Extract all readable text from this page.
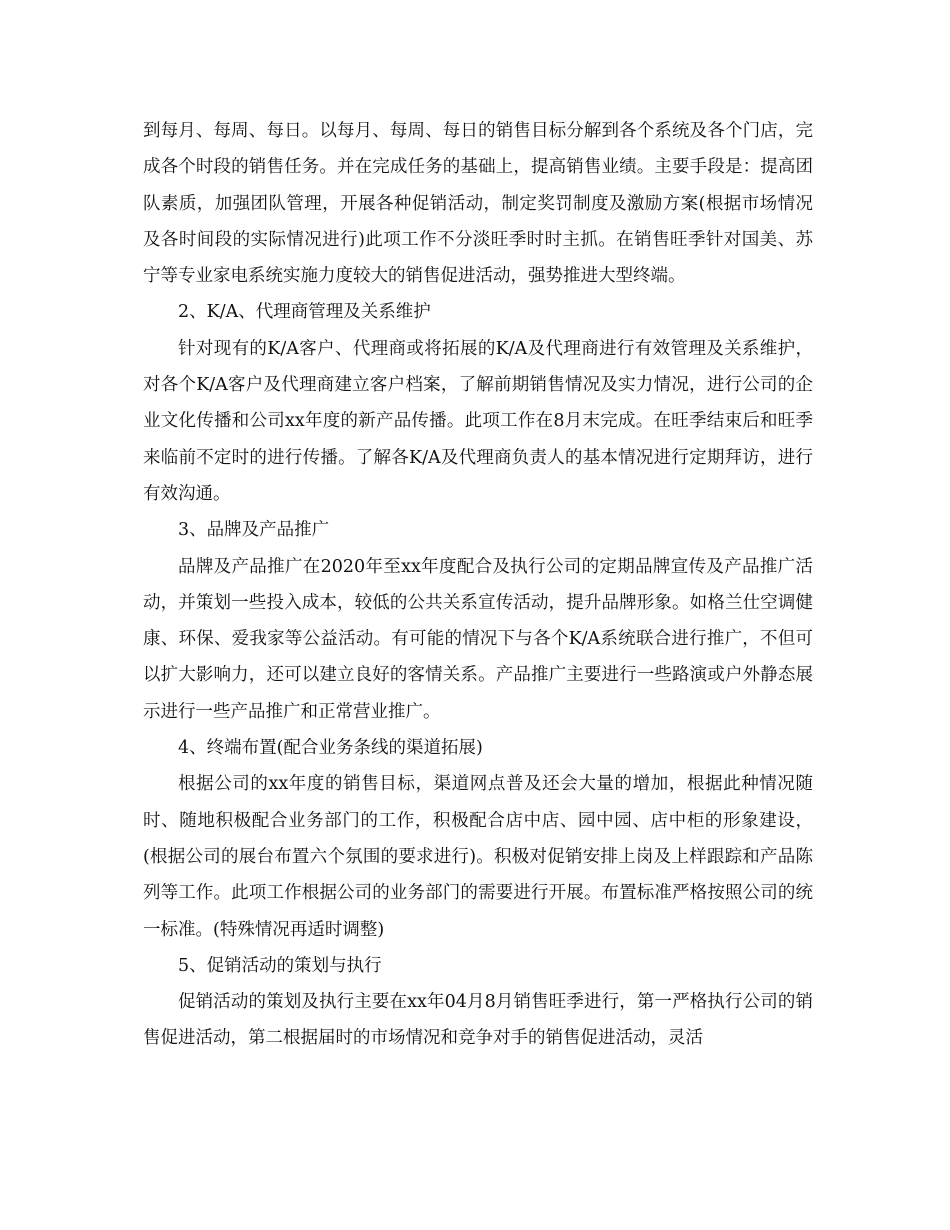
到每月、每周、每日。以每月、每周、每日的销售目标分解到各个系统及各个门店，完成各个时段的销售任务。并在完成任务的基础上，提高销售业绩。主要手段是：提高团队素质，加强团队管理，开展各种促销活动，制定奖罚制度及激励方案(根据市场情况及各时间段的实际情况进行)此项工作不分淡旺季时时主抓。在销售旺季针对国美、苏宁等专业家电系统实施力度较大的销售促进活动，强势推进大型终端。

2、K/A、代理商管理及关系维护

针对现有的K/A客户、代理商或将拓展的K/A及代理商进行有效管理及关系维护，对各个K/A客户及代理商建立客户档案，了解前期销售情况及实力情况，进行公司的企业文化传播和公司xx年度的新产品传播。此项工作在8月末完成。在旺季结束后和旺季来临前不定时的进行传播。了解各K/A及代理商负责人的基本情况进行定期拜访，进行有效沟通。

3、品牌及产品推广

品牌及产品推广在2020年至xx年度配合及执行公司的定期品牌宣传及产品推广活动，并策划一些投入成本，较低的公共关系宣传活动，提升品牌形象。如格兰仕空调健康、环保、爱我家等公益活动。有可能的情况下与各个K/A系统联合进行推广，不但可以扩大影响力，还可以建立良好的客情关系。产品推广主要进行一些路演或户外静态展示进行一些产品推广和正常营业推广。

4、终端布置(配合业务条线的渠道拓展)

根据公司的xx年度的销售目标，渠道网点普及还会大量的增加，根据此种情况随时、随地积极配合业务部门的工作，积极配合店中店、园中园、店中柜的形象建设，(根据公司的展台布置六个氛围的要求进行)。积极对促销安排上岗及上样跟踪和产品陈列等工作。此项工作根据公司的业务部门的需要进行开展。布置标准严格按照公司的统一标准。(特殊情况再适时调整)

5、促销活动的策划与执行

促销活动的策划及执行主要在xx年04月8月销售旺季进行，第一严格执行公司的销售促进活动，第二根据届时的市场情况和竞争对手的销售促进活动，灵活
